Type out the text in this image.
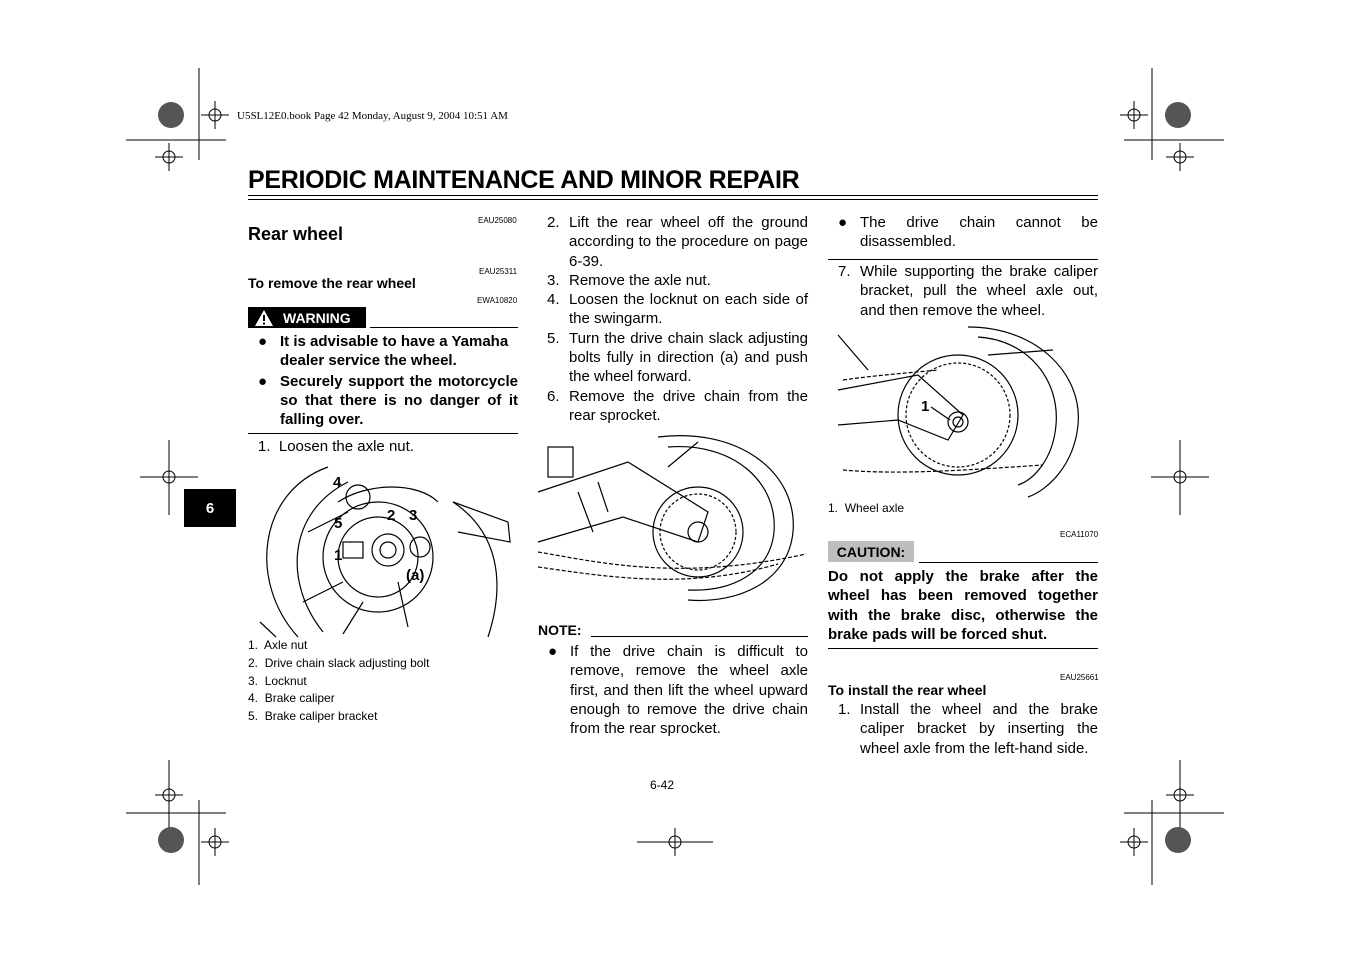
U5SL12E0.book Page 42 Monday, August 9, 2004 10:51 AM
PERIODIC MAINTENANCE AND MINOR REPAIR
6
EAU25080
Rear wheel
EAU25311
To remove the rear wheel
EWA10820
WARNING
● It is advisable to have a Yamaha dealer service the wheel.
● Securely support the motorcycle so that there is no danger of it falling over.
1. Loosen the axle nut.
4
5	2 3
1
(a)
1. Axle nut
2. Drive chain slack adjusting bolt
3. Locknut
4. Brake caliper
5. Brake caliper bracket
2. Lift the rear wheel off the ground according to the procedure on page 6-39.
3. Remove the axle nut.
4. Loosen the locknut on each side of the swingarm.
5. Turn the drive chain slack adjusting bolts fully in direction (a) and push the wheel forward.
6. Remove the drive chain from the rear sprocket.
NOTE:
● If the drive chain is difficult to remove, remove the wheel axle first, and then lift the wheel upward enough to remove the drive chain from the rear sprocket.
● The drive chain cannot be disassembled.
7. While supporting the brake caliper bracket, pull the wheel axle out, and then remove the wheel.
1
1. Wheel axle
ECA11070
CAUTION:
Do not apply the brake after the wheel has been removed together with the brake disc, otherwise the brake pads will be forced shut.
EAU25661
To install the rear wheel
1. Install the wheel and the brake caliper bracket by inserting the wheel axle from the left-hand side.
6-42
